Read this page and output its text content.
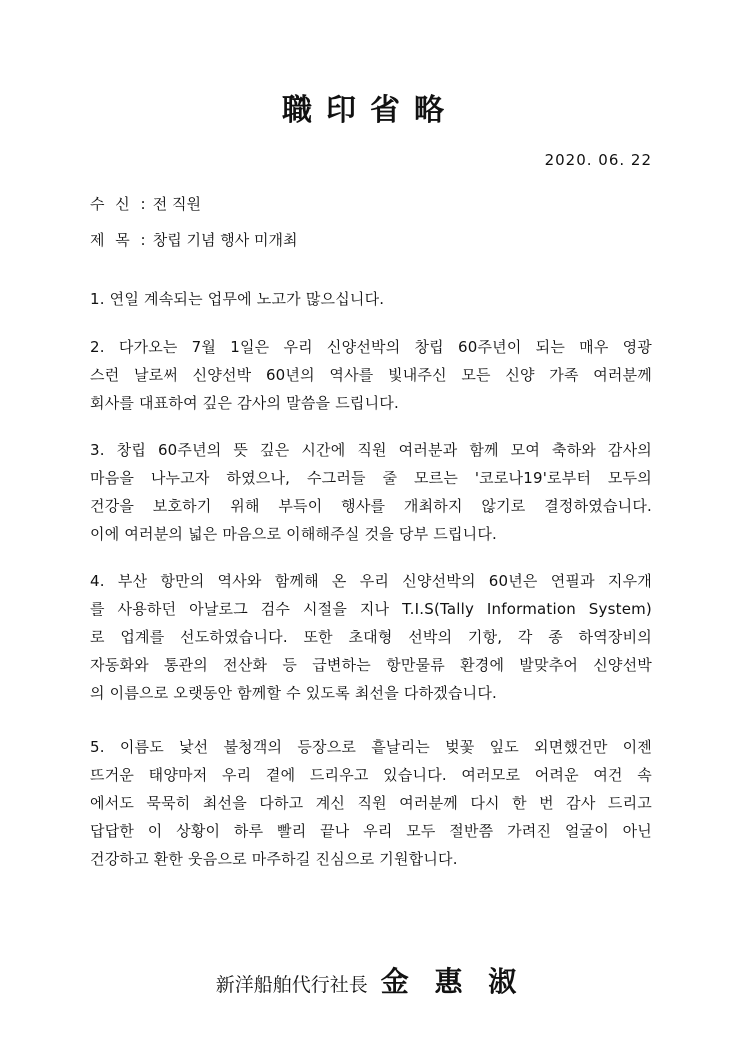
職印省略
2020. 06. 22
수 신 : 전 직원
제 목 : 창립 기념 행사 미개최
1. 연일 계속되는 업무에 노고가 많으십니다.
2. 다가오는 7월 1일은 우리 신양선박의 창립 60주년이 되는 매우 영광
스런 날로써 신양선박 60년의 역사를 빛내주신 모든 신양 가족 여러분께
회사를 대표하여 깊은 감사의 말씀을 드립니다.
3. 창립 60주년의 뜻 깊은 시간에 직원 여러분과 함께 모여 축하와 감사의
마음을 나누고자 하였으나, 수그러들 줄 모르는 '코로나19'로부터 모두의
건강을 보호하기 위해 부득이 행사를 개최하지 않기로 결정하였습니다.
이에 여러분의 넓은 마음으로 이해해주실 것을 당부 드립니다.
4. 부산 항만의 역사와 함께해 온 우리 신양선박의 60년은 연필과 지우개
를 사용하던 아날로그 검수 시절을 지나 T.I.S(Tally Information System)
로 업계를 선도하였습니다. 또한 초대형 선박의 기항, 각 종 하역장비의
자동화와 통관의 전산화 등 급변하는 항만물류 환경에 발맞추어 신양선박
의 이름으로 오랫동안 함께할 수 있도록 최선을 다하겠습니다.
5. 이름도 낯선 불청객의 등장으로 흩날리는 벚꽃 잎도 외면했건만 이젠
뜨거운 태양마저 우리 곁에 드리우고 있습니다. 여러모로 어려운 여건 속
에서도 묵묵히 최선을 다하고 계신 직원 여러분께 다시 한 번 감사 드리고
답답한 이 상황이 하루 빨리 끝나 우리 모두 절반쯤 가려진 얼굴이 아닌
건강하고 환한 웃음으로 마주하길 진심으로 기원합니다.
新洋船舶代行社長 金 惠 淑
